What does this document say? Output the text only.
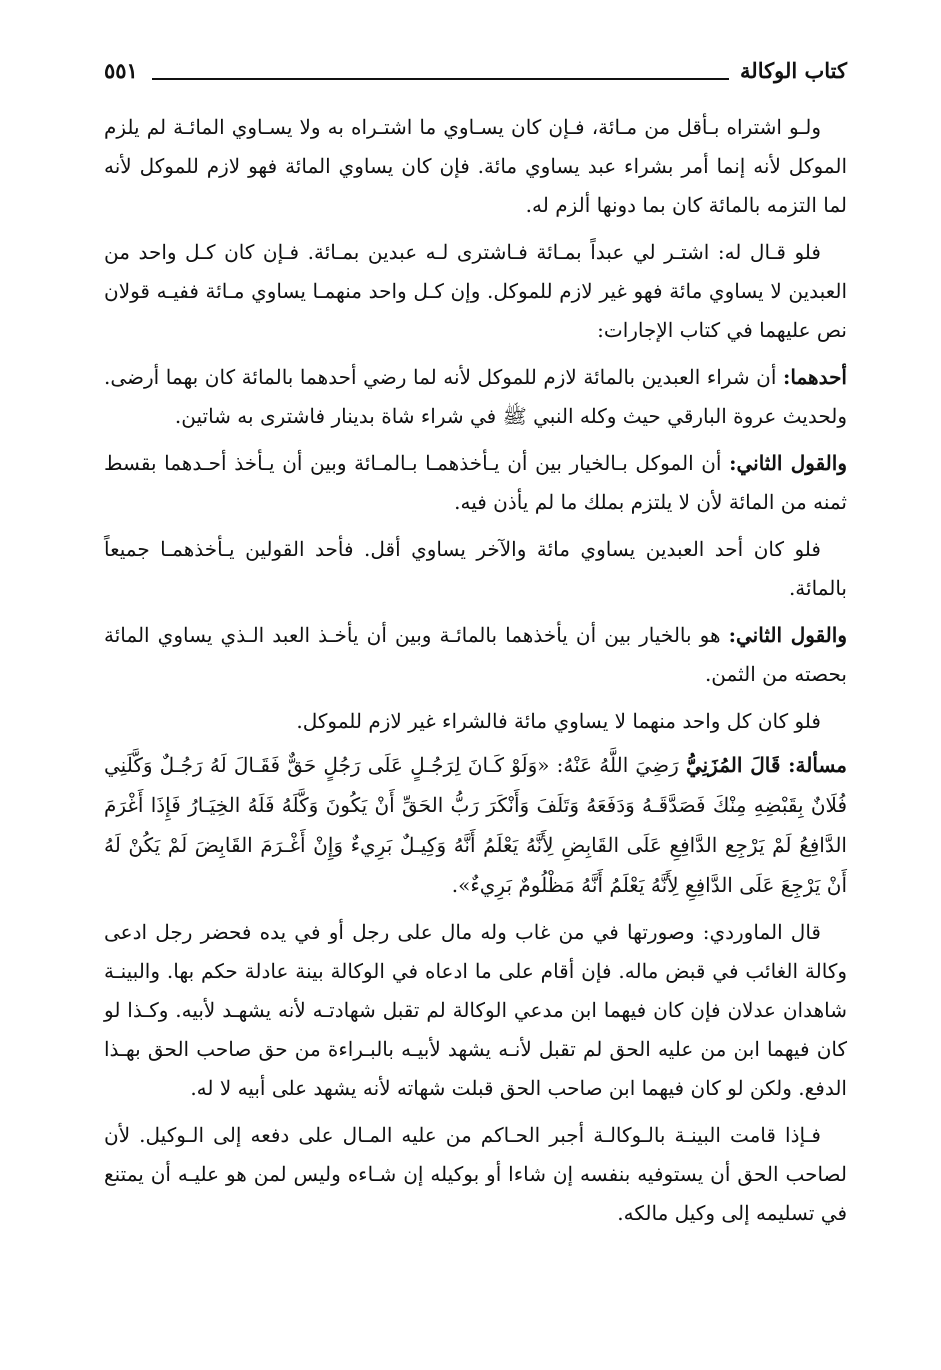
كتاب الوكالة
٥٥١

ولـو اشتراه بـأقل من مـائة، فـإن كان يسـاوي ما اشتـراه به ولا يسـاوي المائـة لم يلزم الموكل لأنه إنما أمر بشراء عبد يساوي مائة. فإن كان يساوي المائة فهو لازم للموكل لأنه لما التزمه بالمائة كان بما دونها ألزم له.

فلو قـال له: اشتـر لي عبداً بمـائة فـاشترى لـه عبدين بمـائة. فـإن كان كـل واحد من العبدين لا يساوي مائة فهو غير لازم للموكل. وإن كـل واحد منهمـا يساوي مـائة ففيـه قولان نص عليهما في كتاب الإجارات:

أحدهما: أن شراء العبدين بالمائة لازم للموكل لأنه لما رضي أحدهما بالمائة كان بهما أرضى. ولحديث عروة البارقي حيث وكله النبي ﷺ في شراء شاة بدينار فاشترى به شاتين.

والقول الثاني: أن الموكل بـالخيار بين أن يـأخذهمـا بـالمـائة وبين أن يـأخذ أحـدهما بقسط ثمنه من المائة لأن لا يلتزم بملك ما لم يأذن فيه.

فلو كان أحد العبدين يساوي مائة والآخر يساوي أقل. فأحد القولين يـأخذهمـا جميعاً بالمائة.

والقول الثاني: هو بالخيار بين أن يأخذهما بالمائـة وبين أن يأخـذ العبد الـذي يساوي المائة بحصته من الثمن.

فلو كان كل واحد منهما لا يساوي مائة فالشراء غير لازم للموكل.

مسألة: قَالَ المُزَنِيُّ رَضِيَ اللَّهُ عَنْهُ: «وَلَوْ كَـانَ لِرَجُـلٍ عَلَى رَجُلٍ حَقٌّ فَقَـالَ لَهُ رَجُـلٌ وَكَّلَنِي فُلَانٌ بِقَبْضِهِ مِنْكَ فَصَدَّقَـهُ وَدَفَعَهُ وَتَلَفَ وَأَنْكَرَ رَبُّ الحَقِّ أَنْ يَكُونَ وَكَّلَهُ فَلَهُ الخِيَـارُ فَإِذَا أَغْرَمَ الدَّافِعُ لَمْ يَرْجِع الدَّافِعِ عَلَى القَابِضِ لِأَنَّهُ يَعْلَمُ أَنَّهُ وَكِيـلٌ بَرِيءٌ وَإِنْ أَغْـرَمَ القَابِضَ لَمْ يَكُنْ لَهُ أَنْ يَرْجِعَ عَلَى الدَّافِعِ لِأَنَّهُ يَعْلَمُ أَنَّهُ مَظْلُومٌ بَرِيءٌ».

قال الماوردي: وصورتها في من غاب وله مال على رجل أو في يده فحضر رجل ادعى وكالة الغائب في قبض ماله. فإن أقام على ما ادعاه في الوكالة بينة عادلة حكم بها. والبينـة شاهدان عدلان فإن كان فيهما ابن مدعي الوكالة لم تقبل شهادتـه لأنه يشهـد لأبيه. وكـذا لو كان فيهما ابن من عليه الحق لم تقبل لأنـه يشهد لأبيـه بالبـراءة من حق صاحب الحق بهـذا الدفع. ولكن لو كان فيهما ابن صاحب الحق قبلت شهاته لأنه يشهد على أبيه لا له.

فـإذا قامت البينـة بالـوكالـة أجبر الحـاكم من عليه المـال على دفعه إلى الـوكيل. لأن لصاحب الحق أن يستوفيه بنفسه إن شاءا أو بوكيله إن شـاءه وليس لمن هو عليـه أن يمتنع في تسليمه إلى وكيل مالكه.
